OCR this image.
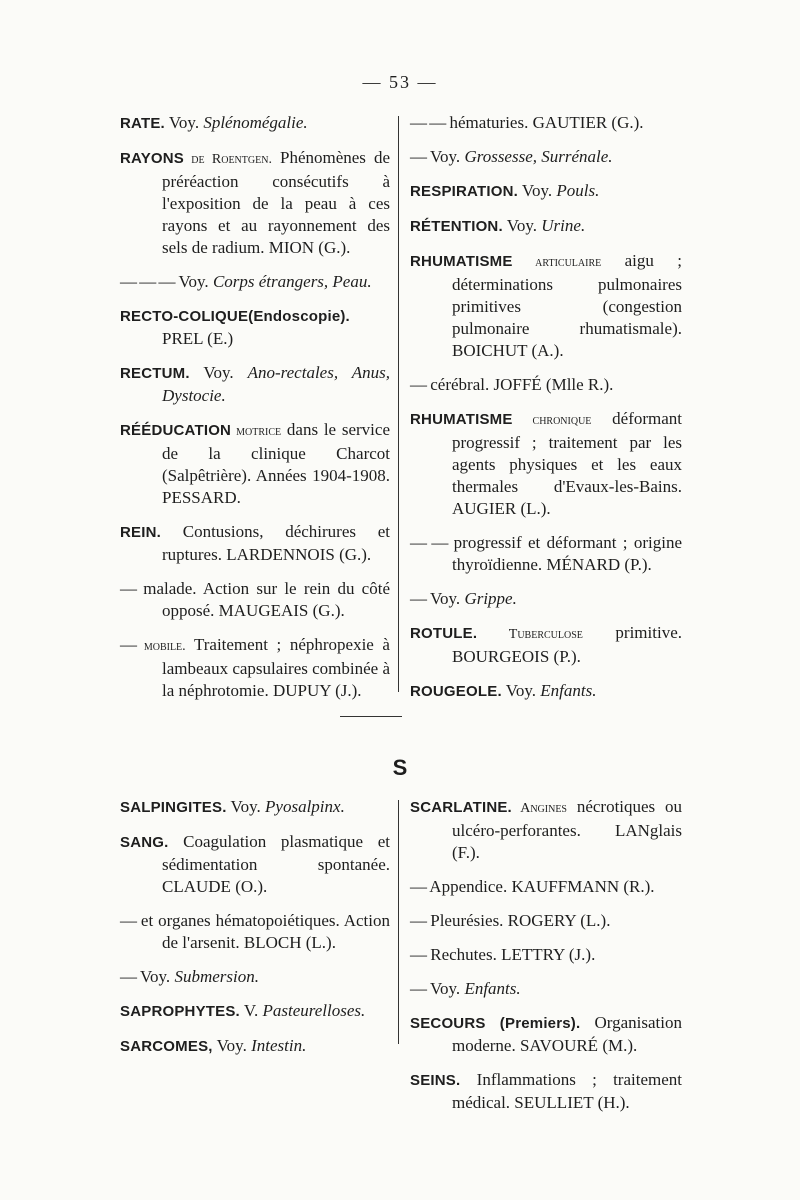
— 53 —

RATE. Voy. Splénomégalie.

RAYONS de Roentgen. Phénomènes de préréaction consécutifs à l'exposition de la peau à ces rayons et au rayonnement des sels de radium. MION (G.).

— — — Voy. Corps étrangers, Peau.

RECTO-COLIQUE(Endoscopie). PREL (E.)

RECTUM. Voy. Ano-rectales, Anus, Dystocie.

RÉÉDUCATION motrice dans le service de la clinique Charcot (Salpêtrière). Années 1904-1908. PESSARD.

REIN. Contusions, déchirures et ruptures. LARDENNOIS (G.).

— malade. Action sur le rein du côté opposé. MAUGEAIS (G.).

— mobile. Traitement ; néphropexie à lambeaux capsulaires combinée à la néphrotomie. DUPUY (J.).

— — hématuries. GAUTIER (G.).

— Voy. Grossesse, Surrénale.

RESPIRATION. Voy. Pouls.

RÉTENTION. Voy. Urine.

RHUMATISME articulaire aigu ; déterminations pulmonaires primitives (congestion pulmonaire rhumatismale). BOICHUT (A.).

— cérébral. JOFFÉ (Mlle R.).

RHUMATISME chronique déformant progressif ; traitement par les agents physiques et les eaux thermales d'Evaux-les-Bains. AUGIER (L.).

— — progressif et déformant ; origine thyroïdienne. MÉNARD (P.).

— Voy. Grippe.

ROTULE. Tuberculose primitive. BOURGEOIS (P.).

ROUGEOLE. Voy. Enfants.

S

SALPINGITES. Voy. Pyosalpinx.

SANG. Coagulation plasmatique et sédimentation spontanée. CLAUDE (O.).

— et organes hématopoiétiques. Action de l'arsenit. BLOCH (L.).

— Voy. Submersion.

SAPROPHYTES. V. Pasteurelloses.

SARCOMES, Voy. Intestin.

SCARLATINE. Angines nécrotiques ou ulcéro-perforantes. LANglais (F.).

— Appendice. KAUFFMANN (R.).

— Pleurésies. ROGERY (L.).

— Rechutes. LETTRY (J.).

— Voy. Enfants.

SECOURS (Premiers). Organisation moderne. SAVOURÉ (M.).

SEINS. Inflammations ; traitement médical. SEULLIET (H.).
